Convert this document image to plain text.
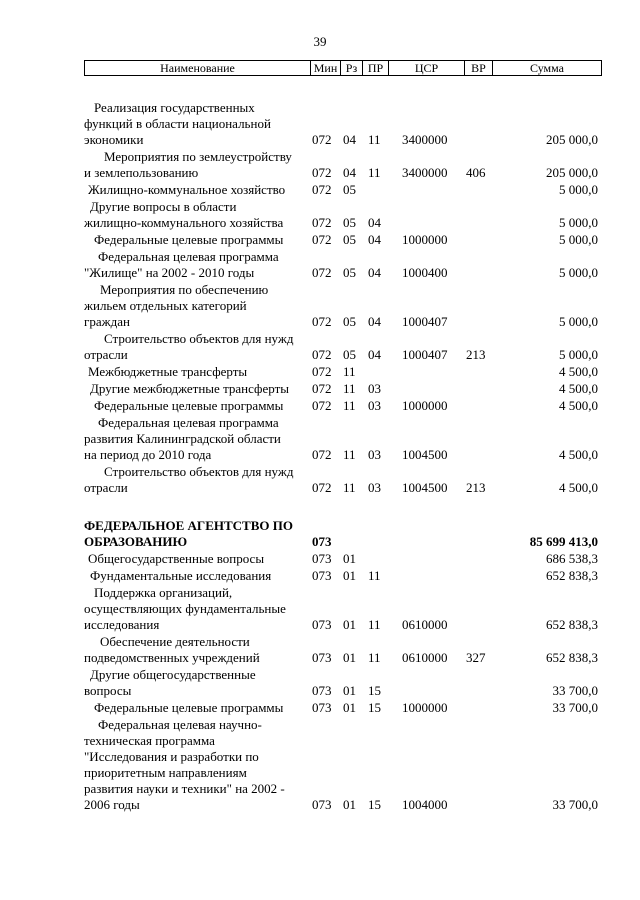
39
Наименование	Мин Рз ПР	ЦСР	ВР	Сумма
Реализация государственных функций в области национальной экономики	072 04 11 3400000	205 000,0
Мероприятия по землеустройству и землепользованию	072 04 11 3400000 406	205 000,0
Жилищно-коммунальное хозяйство	072 05	5 000,0
Другие вопросы в области жилищно-коммунального хозяйства	072 05 04	5 000,0
Федеральные целевые программы	072 05 04 1000000	5 000,0
Федеральная целевая программа "Жилище" на 2002 - 2010 годы	072 05 04 1000400	5 000,0
Мероприятия по обеспечению жильем отдельных категорий граждан	072 05 04 1000407	5 000,0
Строительство объектов для нужд отрасли	072 05 04 1000407 213	5 000,0
Межбюджетные трансферты	072 11	4 500,0
Другие межбюджетные трансферты	072 11 03	4 500,0
Федеральные целевые программы	072 11 03 1000000	4 500,0
Федеральная целевая программа развития Калининградской области на период до 2010 года	072 11 03 1004500	4 500,0
Строительство объектов для нужд отрасли	072 11 03 1004500 213	4 500,0
ФЕДЕРАЛЬНОЕ АГЕНТСТВО ПО ОБРАЗОВАНИЮ	073	85 699 413,0
Общегосударственные вопросы	073 01	686 538,3
Фундаментальные исследования	073 01 11	652 838,3
Поддержка организаций, осуществляющих фундаментальные исследования	073 01 11 0610000	652 838,3
Обеспечение деятельности подведомственных учреждений	073 01 11 0610000 327	652 838,3
Другие общегосударственные вопросы	073 01 15	33 700,0
Федеральные целевые программы	073 01 15 1000000	33 700,0
Федеральная целевая научно-техническая программа "Исследования и разработки по приоритетным направлениям развития науки и техники" на 2002 - 2006 годы	073 01 15 1004000	33 700,0
